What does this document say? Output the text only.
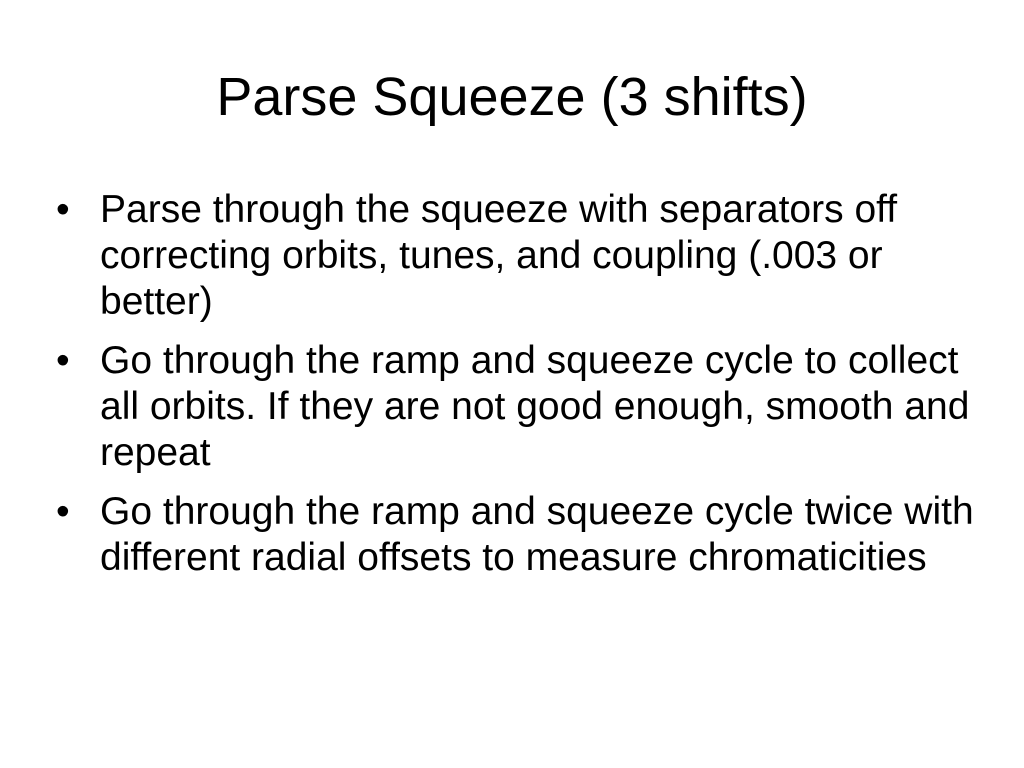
Parse Squeeze (3 shifts)
• Parse through the squeeze with separators off correcting orbits, tunes, and coupling (.003 or better)
• Go through the ramp and squeeze cycle to collect all orbits. If they are not good enough, smooth and repeat
• Go through the ramp and squeeze cycle twice with different radial offsets to measure chromaticities
